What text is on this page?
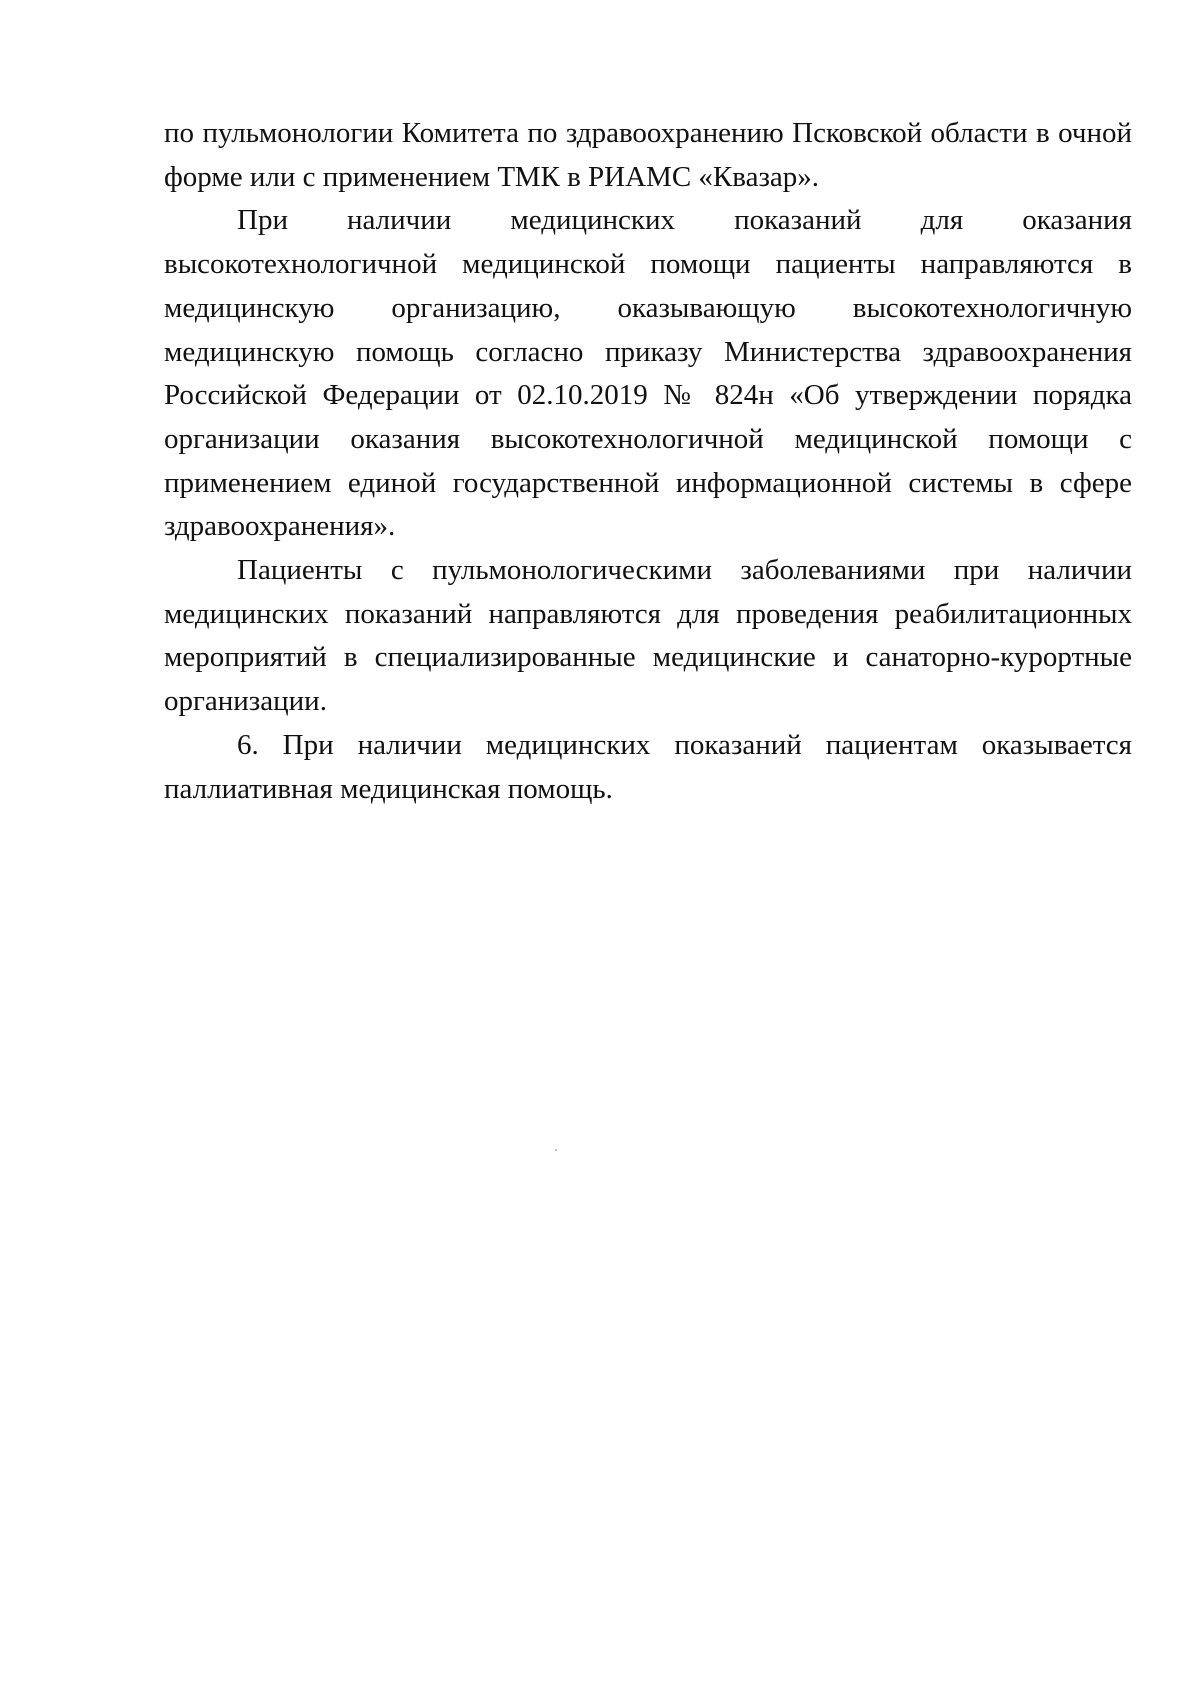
по пульмонологии Комитета по здравоохранению Псковской области в очной форме или с применением ТМК в РИАМС «Квазар».

При наличии медицинских показаний для оказания высокотехнологичной медицинской помощи пациенты направляются в медицинскую организацию, оказывающую высокотехнологичную медицинскую помощь согласно приказу Министерства здравоохранения Российской Федерации от 02.10.2019 № 824н «Об утверждении порядка организации оказания высокотехнологичной медицинской помощи с применением единой государственной информационной системы в сфере здравоохранения».

Пациенты с пульмонологическими заболеваниями при наличии медицинских показаний направляются для проведения реабилитационных мероприятий в специализированные медицинские и санаторно-курортные организации.

6. При наличии медицинских показаний пациентам оказывается паллиативная медицинская помощь.
